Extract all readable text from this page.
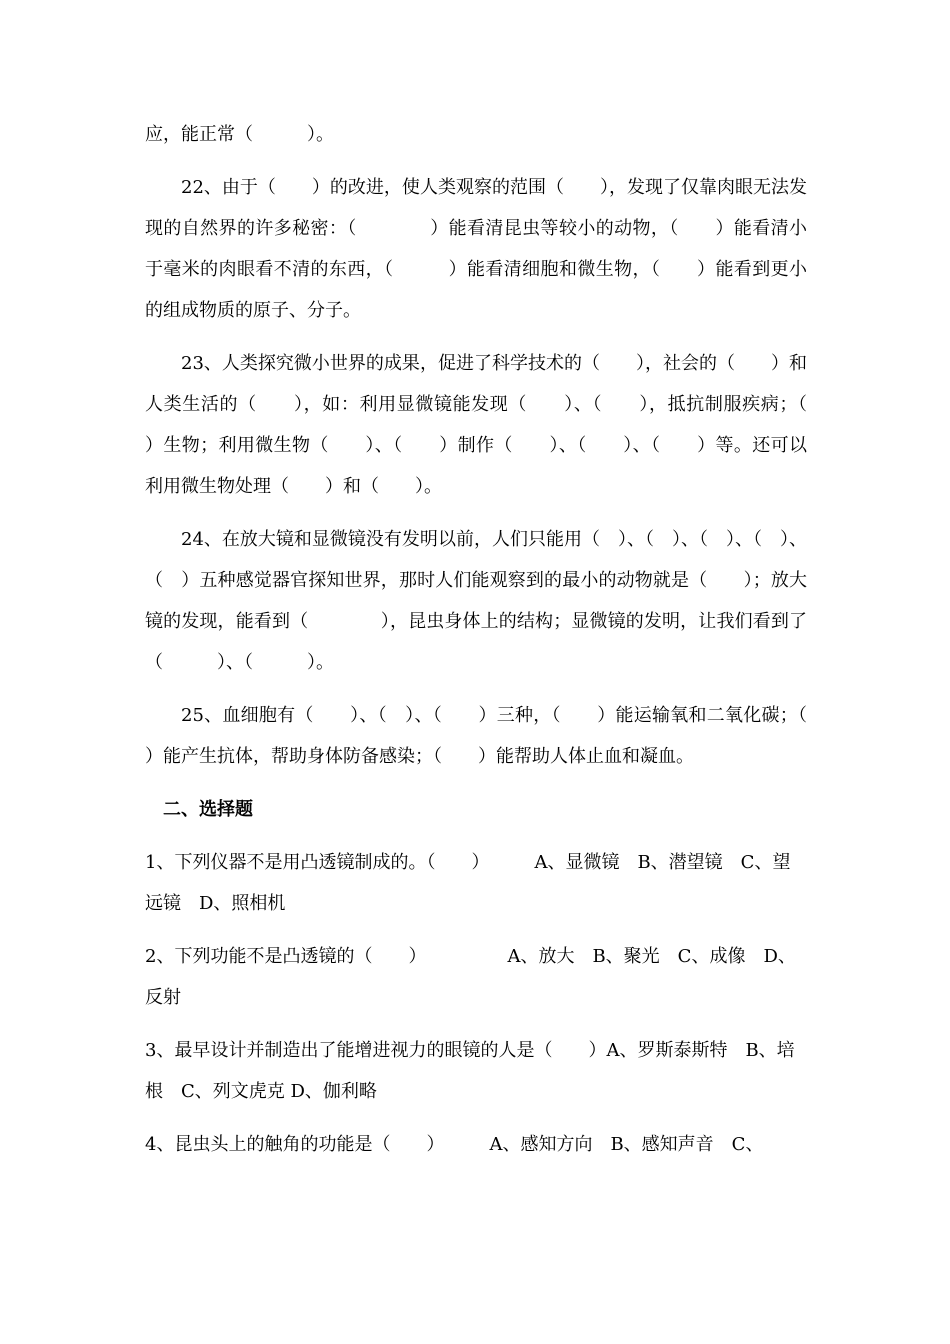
应，能正常（　　　）。

22、由于（　　）的改进，使人类观察的范围（　　），发现了仅靠肉眼无法发现的自然界的许多秘密：（　　　　）能看清昆虫等较小的动物，（　　）能看清小于毫米的肉眼看不清的东西，（　　　）能看清细胞和微生物，（　　）能看到更小的组成物质的原子、分子。

23、人类探究微小世界的成果，促进了科学技术的（　　），社会的（　　）和人类生活的（　　），如：利用显微镜能发现（　　）、（　　），抵抗制服疾病；（　　）生物；利用微生物（　　）、（　　）制作（　　）、（　　）、（　　）等。还可以利用微生物处理（　　）和（　　）。

24、在放大镜和显微镜没有发明以前，人们只能用（　）、（　）、（　）、（　）、（　）五种感觉器官探知世界，那时人们能观察到的最小的动物就是（　　）；放大镜的发现，能看到（　　　　），昆虫身体上的结构；显微镜的发明，让我们看到了（　　　）、（　　　）。

25、血细胞有（　　）、（　）、（　　）三种，（　　）能运输氧和二氧化碳；（　　）能产生抗体，帮助身体防备感染；（　　）能帮助人体止血和凝血。

二、选择题

1、下列仪器不是用凸透镜制成的。（　　）　　　A、显微镜　B、潜望镜　C、望远镜　D、照相机

2、下列功能不是凸透镜的（　　）　　　　　A、放大　B、聚光　C、成像　D、反射

3、最早设计并制造出了能增进视力的眼镜的人是（　　）A、罗斯泰斯特　B、培根　C、列文虎克 D、伽利略

4、昆虫头上的触角的功能是（　　）　　　A、感知方向　B、感知声音　C、
